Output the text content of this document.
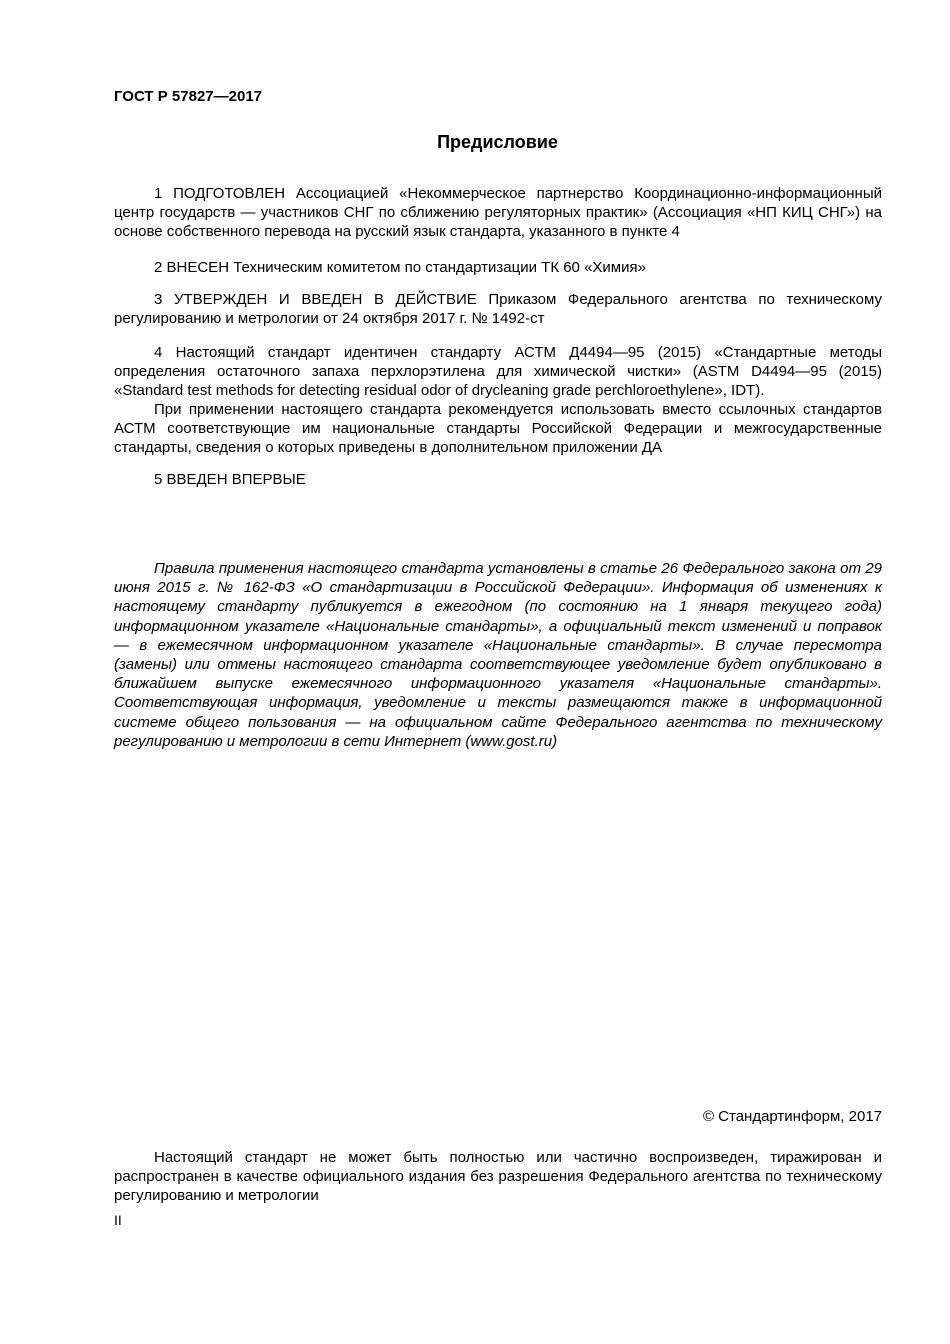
ГОСТ Р 57827—2017
Предисловие

1 ПОДГОТОВЛЕН Ассоциацией «Некоммерческое партнерство Координационно-информационный центр государств — участников СНГ по сближению регуляторных практик» (Ассоциация «НП КИЦ СНГ») на основе собственного перевода на русский язык стандарта, указанного в пункте 4

2 ВНЕСЕН Техническим комитетом по стандартизации ТК 60 «Химия»

3 УТВЕРЖДЕН И ВВЕДЕН В ДЕЙСТВИЕ Приказом Федерального агентства по техническому регулированию и метрологии от 24 октября 2017 г. № 1492-ст

4 Настоящий стандарт идентичен стандарту АСТМ Д4494—95 (2015) «Стандартные методы определения остаточного запаха перхлорэтилена для химической чистки» (ASTM D4494—95 (2015) «Standard test methods for detecting residual odor of drycleaning grade perchloroethylene», IDT).

При применении настоящего стандарта рекомендуется использовать вместо ссылочных стандартов АСТМ соответствующие им национальные стандарты Российской Федерации и межгосударственные стандарты, сведения о которых приведены в дополнительном приложении ДА

5 ВВЕДЕН ВПЕРВЫЕ

Правила применения настоящего стандарта установлены в статье 26 Федерального закона от 29 июня 2015 г. № 162-ФЗ «О стандартизации в Российской Федерации». Информация об изменениях к настоящему стандарту публикуется в ежегодном (по состоянию на 1 января текущего года) информационном указателе «Национальные стандарты», а официальный текст изменений и поправок — в ежемесячном информационном указателе «Национальные стандарты». В случае пересмотра (замены) или отмены настоящего стандарта соответствующее уведомление будет опубликовано в ближайшем выпуске ежемесячного информационного указателя «Национальные стандарты». Соответствующая информация, уведомление и тексты размещаются также в информационной системе общего пользования — на официальном сайте Федерального агентства по техническому регулированию и метрологии в сети Интернет (www.gost.ru)

© Стандартинформ, 2017

Настоящий стандарт не может быть полностью или частично воспроизведен, тиражирован и распространен в качестве официального издания без разрешения Федерального агентства по техническому регулированию и метрологии

II
